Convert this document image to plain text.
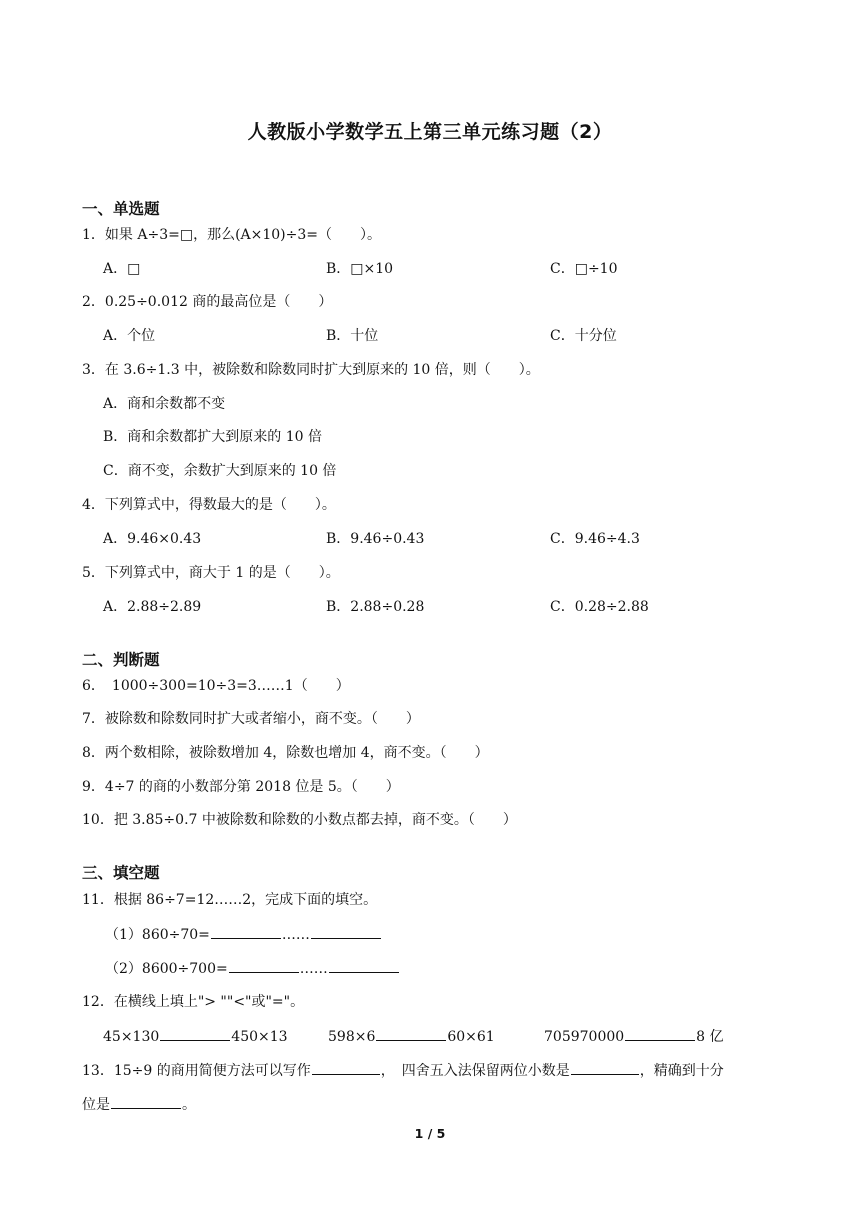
人教版小学数学五上第三单元练习题（2）
一、单选题
1．如果 A÷3=□，那么(A×10)÷3=（　　）。
A．□	B．□×10	C．□÷10
2．0.25÷0.012 商的最高位是（　　）
A．个位	B．十位	C．十分位
3．在 3.6÷1.3 中，被除数和除数同时扩大到原来的 10 倍，则（　　）。
A．商和余数都不变
B．商和余数都扩大到原来的 10 倍
C．商不变，余数扩大到原来的 10 倍
4．下列算式中，得数最大的是（　　）。
A．9.46×0.43	B．9.46÷0.43	C．9.46÷4.3
5．下列算式中，商大于 1 的是（　　）。
A．2.88÷2.89	B．2.88÷0.28	C．0.28÷2.88
二、判断题
6．　1000÷300=10÷3=3……1（　　）
7．被除数和除数同时扩大或者缩小，商不变。（　　）
8．两个数相除，被除数增加 4，除数也增加 4，商不变。（　　）
9．4÷7 的商的小数部分第 2018 位是 5。（　　）
10．把 3.85÷0.7 中被除数和除数的小数点都去掉，商不变。（　　）
三、填空题
11．根据 86÷7=12……2，完成下面的填空。
（1）860÷70=	……
（2）8600÷700=	……
12．在横线上填上"> ""<"或"="。
45×130	450×13	598×6	60×61	705970000	8 亿
13．15÷9 的商用简便方法可以写作	，　四舍五入法保留两位小数是	，精确到十分
位是	。
1 / 5
